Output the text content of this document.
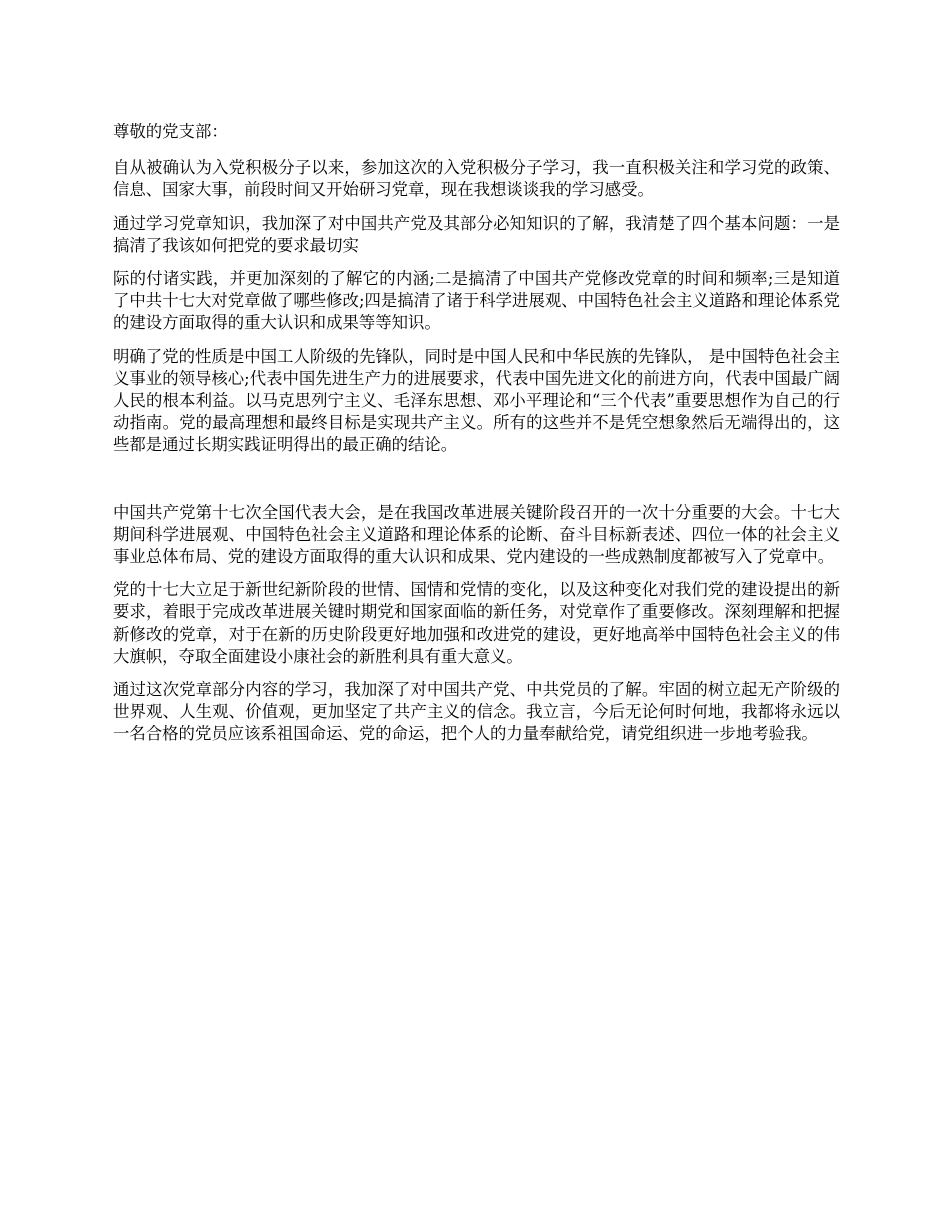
尊敬的党支部：

自从被确认为入党积极分子以来，参加这次的入党积极分子学习，我一直积极关注和学习党的政策、信息、国家大事，前段时间又开始研习党章，现在我想谈谈我的学习感受。

通过学习党章知识，我加深了对中国共产党及其部分必知知识的了解，我清楚了四个基本问题：一是搞清了我该如何把党的要求最切实

际的付诸实践，并更加深刻的了解它的内涵;二是搞清了中国共产党修改党章的时间和频率;三是知道了中共十七大对党章做了哪些修改;四是搞清了诸于科学进展观、中国特色社会主义道路和理论体系党的建设方面取得的重大认识和成果等等知识。

明确了党的性质是中国工人阶级的先锋队，同时是中国人民和中华民族的先锋队， 是中国特色社会主义事业的领导核心;代表中国先进生产力的进展要求，代表中国先进文化的前进方向，代表中国最广阔人民的根本利益。以马克思列宁主义、毛泽东思想、邓小平理论和“三个代表”重要思想作为自己的行动指南。党的最高理想和最终目标是实现共产主义。所有的这些并不是凭空想象然后无端得出的，这些都是通过长期实践证明得出的最正确的结论。

中国共产党第十七次全国代表大会，是在我国改革进展关键阶段召开的一次十分重要的大会。十七大期间科学进展观、中国特色社会主义道路和理论体系的论断、奋斗目标新表述、四位一体的社会主义事业总体布局、党的建设方面取得的重大认识和成果、党内建设的一些成熟制度都被写入了党章中。

党的十七大立足于新世纪新阶段的世情、国情和党情的变化，以及这种变化对我们党的建设提出的新要求，着眼于完成改革进展关键时期党和国家面临的新任务，对党章作了重要修改。深刻理解和把握新修改的党章，对于在新的历史阶段更好地加强和改进党的建设，更好地高举中国特色社会主义的伟大旗帜，夺取全面建设小康社会的新胜利具有重大意义。

通过这次党章部分内容的学习，我加深了对中国共产党、中共党员的了解。牢固的树立起无产阶级的世界观、人生观、价值观，更加坚定了共产主义的信念。我立言，今后无论何时何地，我都将永远以一名合格的党员应该系祖国命运、党的命运，把个人的力量奉献给党，请党组织进一步地考验我。
